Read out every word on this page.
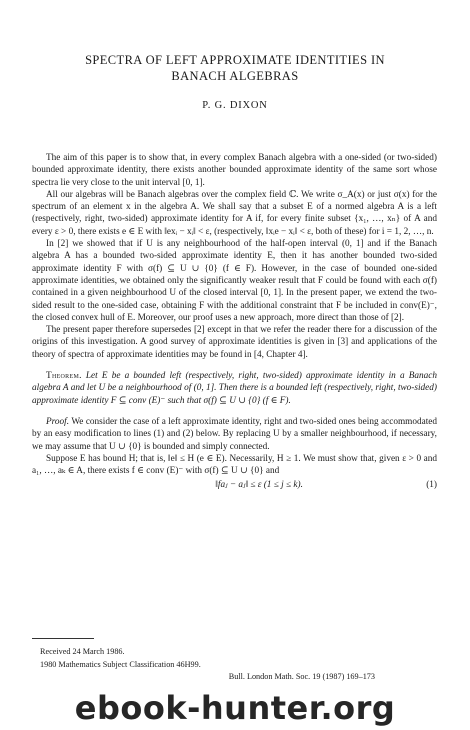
SPECTRA OF LEFT APPROXIMATE IDENTITIES IN
BANACH ALGEBRAS
P. G. DIXON

The aim of this paper is to show that, in every complex Banach algebra with a one-sided (or two-sided) bounded approximate identity, there exists another bounded approximate identity of the same sort whose spectra lie very close to the unit interval [0, 1].

All our algebras will be Banach algebras over the complex field ℂ. We write σ_A(x) or just σ(x) for the spectrum of an element x in the algebra A. We shall say that a subset E of a normed algebra A is a left (respectively, right, two-sided) approximate identity for A if, for every finite subset {x₁, …, xₙ} of A and every ε > 0, there exists e ∈ E with ‖exᵢ − xᵢ‖ < ε, (respectively, ‖xᵢe − xᵢ‖ < ε, both of these) for i = 1, 2, …, n.

In [2] we showed that if U is any neighbourhood of the half-open interval (0, 1] and if the Banach algebra A has a bounded two-sided approximate identity E, then it has another bounded two-sided approximate identity F with σ(f) ⊆ U ∪ {0} (f ∈ F). However, in the case of bounded one-sided approximate identities, we obtained only the significantly weaker result that F could be found with each σ(f) contained in a given neighbourhood U of the closed interval [0, 1]. In the present paper, we extend the two-sided result to the one-sided case, obtaining F with the additional constraint that F be included in conv(E)⁻, the closed convex hull of E. Moreover, our proof uses a new approach, more direct than those of [2].

The present paper therefore supersedes [2] except in that we refer the reader there for a discussion of the origins of this investigation. A good survey of approximate identities is given in [3] and applications of the theory of spectra of approximate identities may be found in [4, Chapter 4].

Theorem. Let E be a bounded left (respectively, right, two-sided) approximate identity in a Banach algebra A and let U be a neighbourhood of (0, 1]. Then there is a bounded left (respectively, right, two-sided) approximate identity F ⊆ conv (E)⁻ such that σ(f) ⊆ U ∪ {0} (f ∈ F).

Proof. We consider the case of a left approximate identity, right and two-sided ones being accommodated by an easy modification to lines (1) and (2) below. By replacing U by a smaller neighbourhood, if necessary, we may assume that U ∪ {0} is bounded and simply connected.

Suppose E has bound H; that is, ‖e‖ ≤ H (e ∈ E). Necessarily, H ≥ 1. We must show that, given ε > 0 and a₁, …, aₖ ∈ A, there exists f ∈ conv (E)⁻ with σ(f) ⊆ U ∪ {0} and

‖faⱼ − aⱼ‖ ≤ ε (1 ≤ j ≤ k).	(1)
Received 24 March 1986.
1980 Mathematics Subject Classification 46H99.
Bull. London Math. Soc. 19 (1987) 169–173
ebook-hunter.org
